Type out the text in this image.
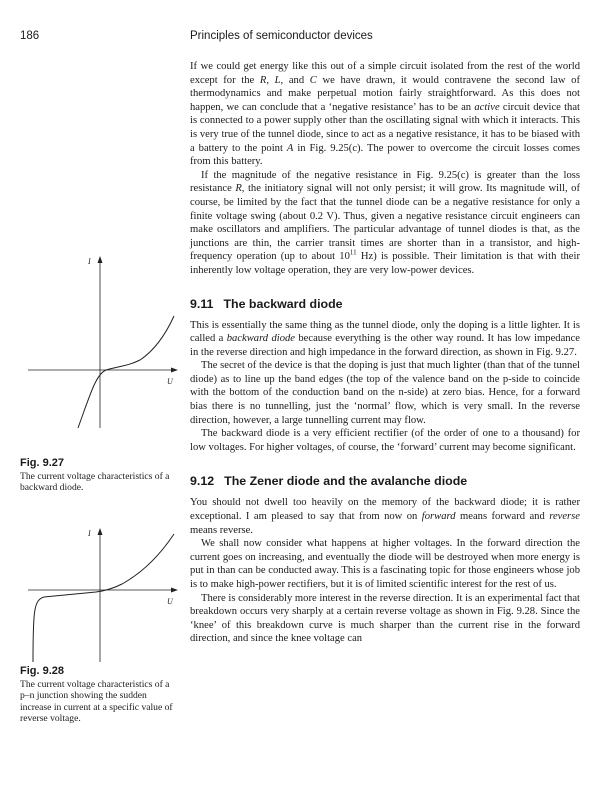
186	Principles of semiconductor devices

If we could get energy like this out of a simple circuit isolated from the rest of the world except for the R, L, and C we have drawn, it would contravene the second law of thermodynamics and make perpetual motion fairly straightforward. As this does not happen, we can conclude that a ‘negative resistance’ has to be an active circuit device that is connected to a power supply other than the oscillating signal with which it interacts. This is very true of the tunnel diode, since to act as a negative resistance, it has to be biased with a battery to the point A in Fig. 9.25(c). The power to overcome the circuit losses comes from this battery.

If the magnitude of the negative resistance in Fig. 9.25(c) is greater than the loss resistance R, the initiatory signal will not only persist; it will grow. Its magnitude will, of course, be limited by the fact that the tunnel diode can be a negative resistance for only a finite voltage swing (about 0.2 V). Thus, given a negative resistance circuit engineers can make oscillators and amplifiers. The particular advantage of tunnel diodes is that, as the junctions are thin, the carrier transit times are shorter than in a transistor, and high-frequency operation (up to about $10^{11}$ Hz) is possible. Their limitation is that with their inherently low voltage operation, they are very low-power devices.

9.11 The backward diode

This is essentially the same thing as the tunnel diode, only the doping is a little lighter. It is called a backward diode because everything is the other way round. It has low impedance in the reverse direction and high impedance in the forward direction, as shown in Fig. 9.27.

The secret of the device is that the doping is just that much lighter (than that of the tunnel diode) as to line up the band edges (the top of the valence band on the p-side to coincide with the bottom of the conduction band on the n-side) at zero bias. Hence, for a forward bias there is no tunnelling, just the ‘normal’ flow, which is very small. In the reverse direction, however, a large tunnelling current may flow.

The backward diode is a very efficient rectifier (of the order of one to a thousand) for low voltages. For higher voltages, of course, the ‘forward’ current may become significant.

9.12 The Zener diode and the avalanche diode

You should not dwell too heavily on the memory of the backward diode; it is rather exceptional. I am pleased to say that from now on forward means forward and reverse means reverse.

We shall now consider what happens at higher voltages. In the forward direction the current goes on increasing, and eventually the diode will be destroyed when more energy is put in than can be conducted away. This is a fascinating topic for those engineers whose job is to make high-power rectifiers, but it is of limited scientific interest for the rest of us.

There is considerably more interest in the reverse direction. It is an experimental fact that breakdown occurs very sharply at a certain reverse voltage as shown in Fig. 9.28. Since the ‘knee’ of this breakdown curve is much sharper than the current rise in the forward direction, and since the knee voltage can

I
U
Fig. 9.27
The current voltage characteristics of a backward diode.
I
U
Fig. 9.28
The current voltage characteristics of a p–n junction showing the sudden increase in current at a specific value of reverse voltage.
